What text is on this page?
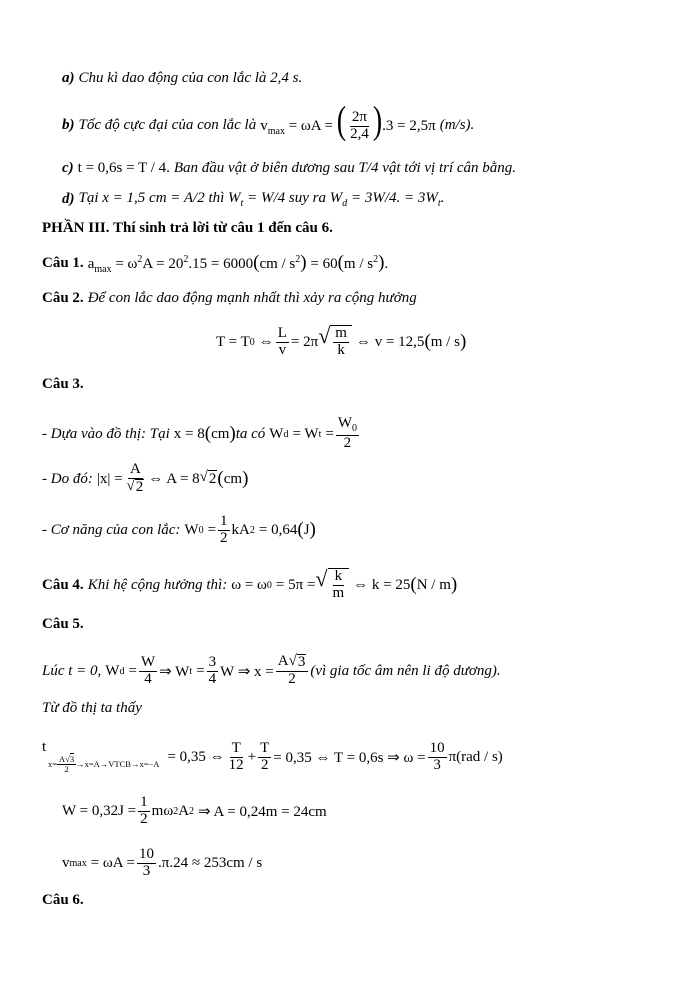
a) Chu kì dao động của con lắc là 2,4 s.
b) Tốc độ cực đại của con lắc là $v_{max} = \omega A$ = ( $\frac{2\pi}{2,4} ).3 = 2,5\pi$ (m/s).
c) t = 0,6s = T / 4. Ban đầu vật ở biên dương sau T/4 vật tới vị trí cân bằng.
d) Tại x = 1,5 cm = A/2 thì $W_t = W/4$ suy ra $W_d = 3W/4$. = $3W_t$.
PHẦN III. Thí sinh trả lời từ câu 1 đến câu 6.
Câu 1. $a_{max} = \omega^2A = 20^2.15 = 6000(cm / s^2) = 60(m / s^2)$.
Câu 2. Để con lắc dao động mạnh nhất thì xảy ra cộng hưởng
T = T 0 ⇔ $\frac{L}{v} = 2\pi$ √ $\frac{m}{k}$ ⇔ v = 12,5 ( m / s )
Câu 3.
- Dựa vào đồ thị: Tại x = 8 ( cm ) ta có W d = W $t = \frac{W_0}{2}$
- Do đó: $|x| = \frac{A}{√ 2}$ ⇔ A = 8 √ 2 ( cm )
- Cơ năng của con lắc: W $0 = \frac{1}{2}$ kA 2 = 0,64 ( J )
Câu 4. Khi hệ cộng hưởng thì: ω = ω 0 = 5π = √ $\frac{k}{m}$ ⇔ k = 25 ( N / m )
Câu 5.
Lúc t = 0, W $d = \frac{W}{4}$ ⇒ W $t = \frac{3}{4}$ W ⇒ $x = \frac{A √ 3}{2}$ (vì gia tốc âm nên li độ dương).
Từ đồ thị ta thấy
t
$x= \frac{A√3}{2}$ →x=A→VTCB→x=−A = 0,35 ⇔ $\frac{T}{12} + \frac{T}{2} = 0,35$ ⇔ T = 0,6s ⇒ $\omega = \frac{10}{3} \pi(rad / s)$
$W = 0,32J = \frac{1}{2}$ mω 2 A 2 ⇒ A = 0,24m = 24cm
v $\max = \omega A = \frac{10}{3} .\pi.24 \approx 253cm / s$
Câu 6.
